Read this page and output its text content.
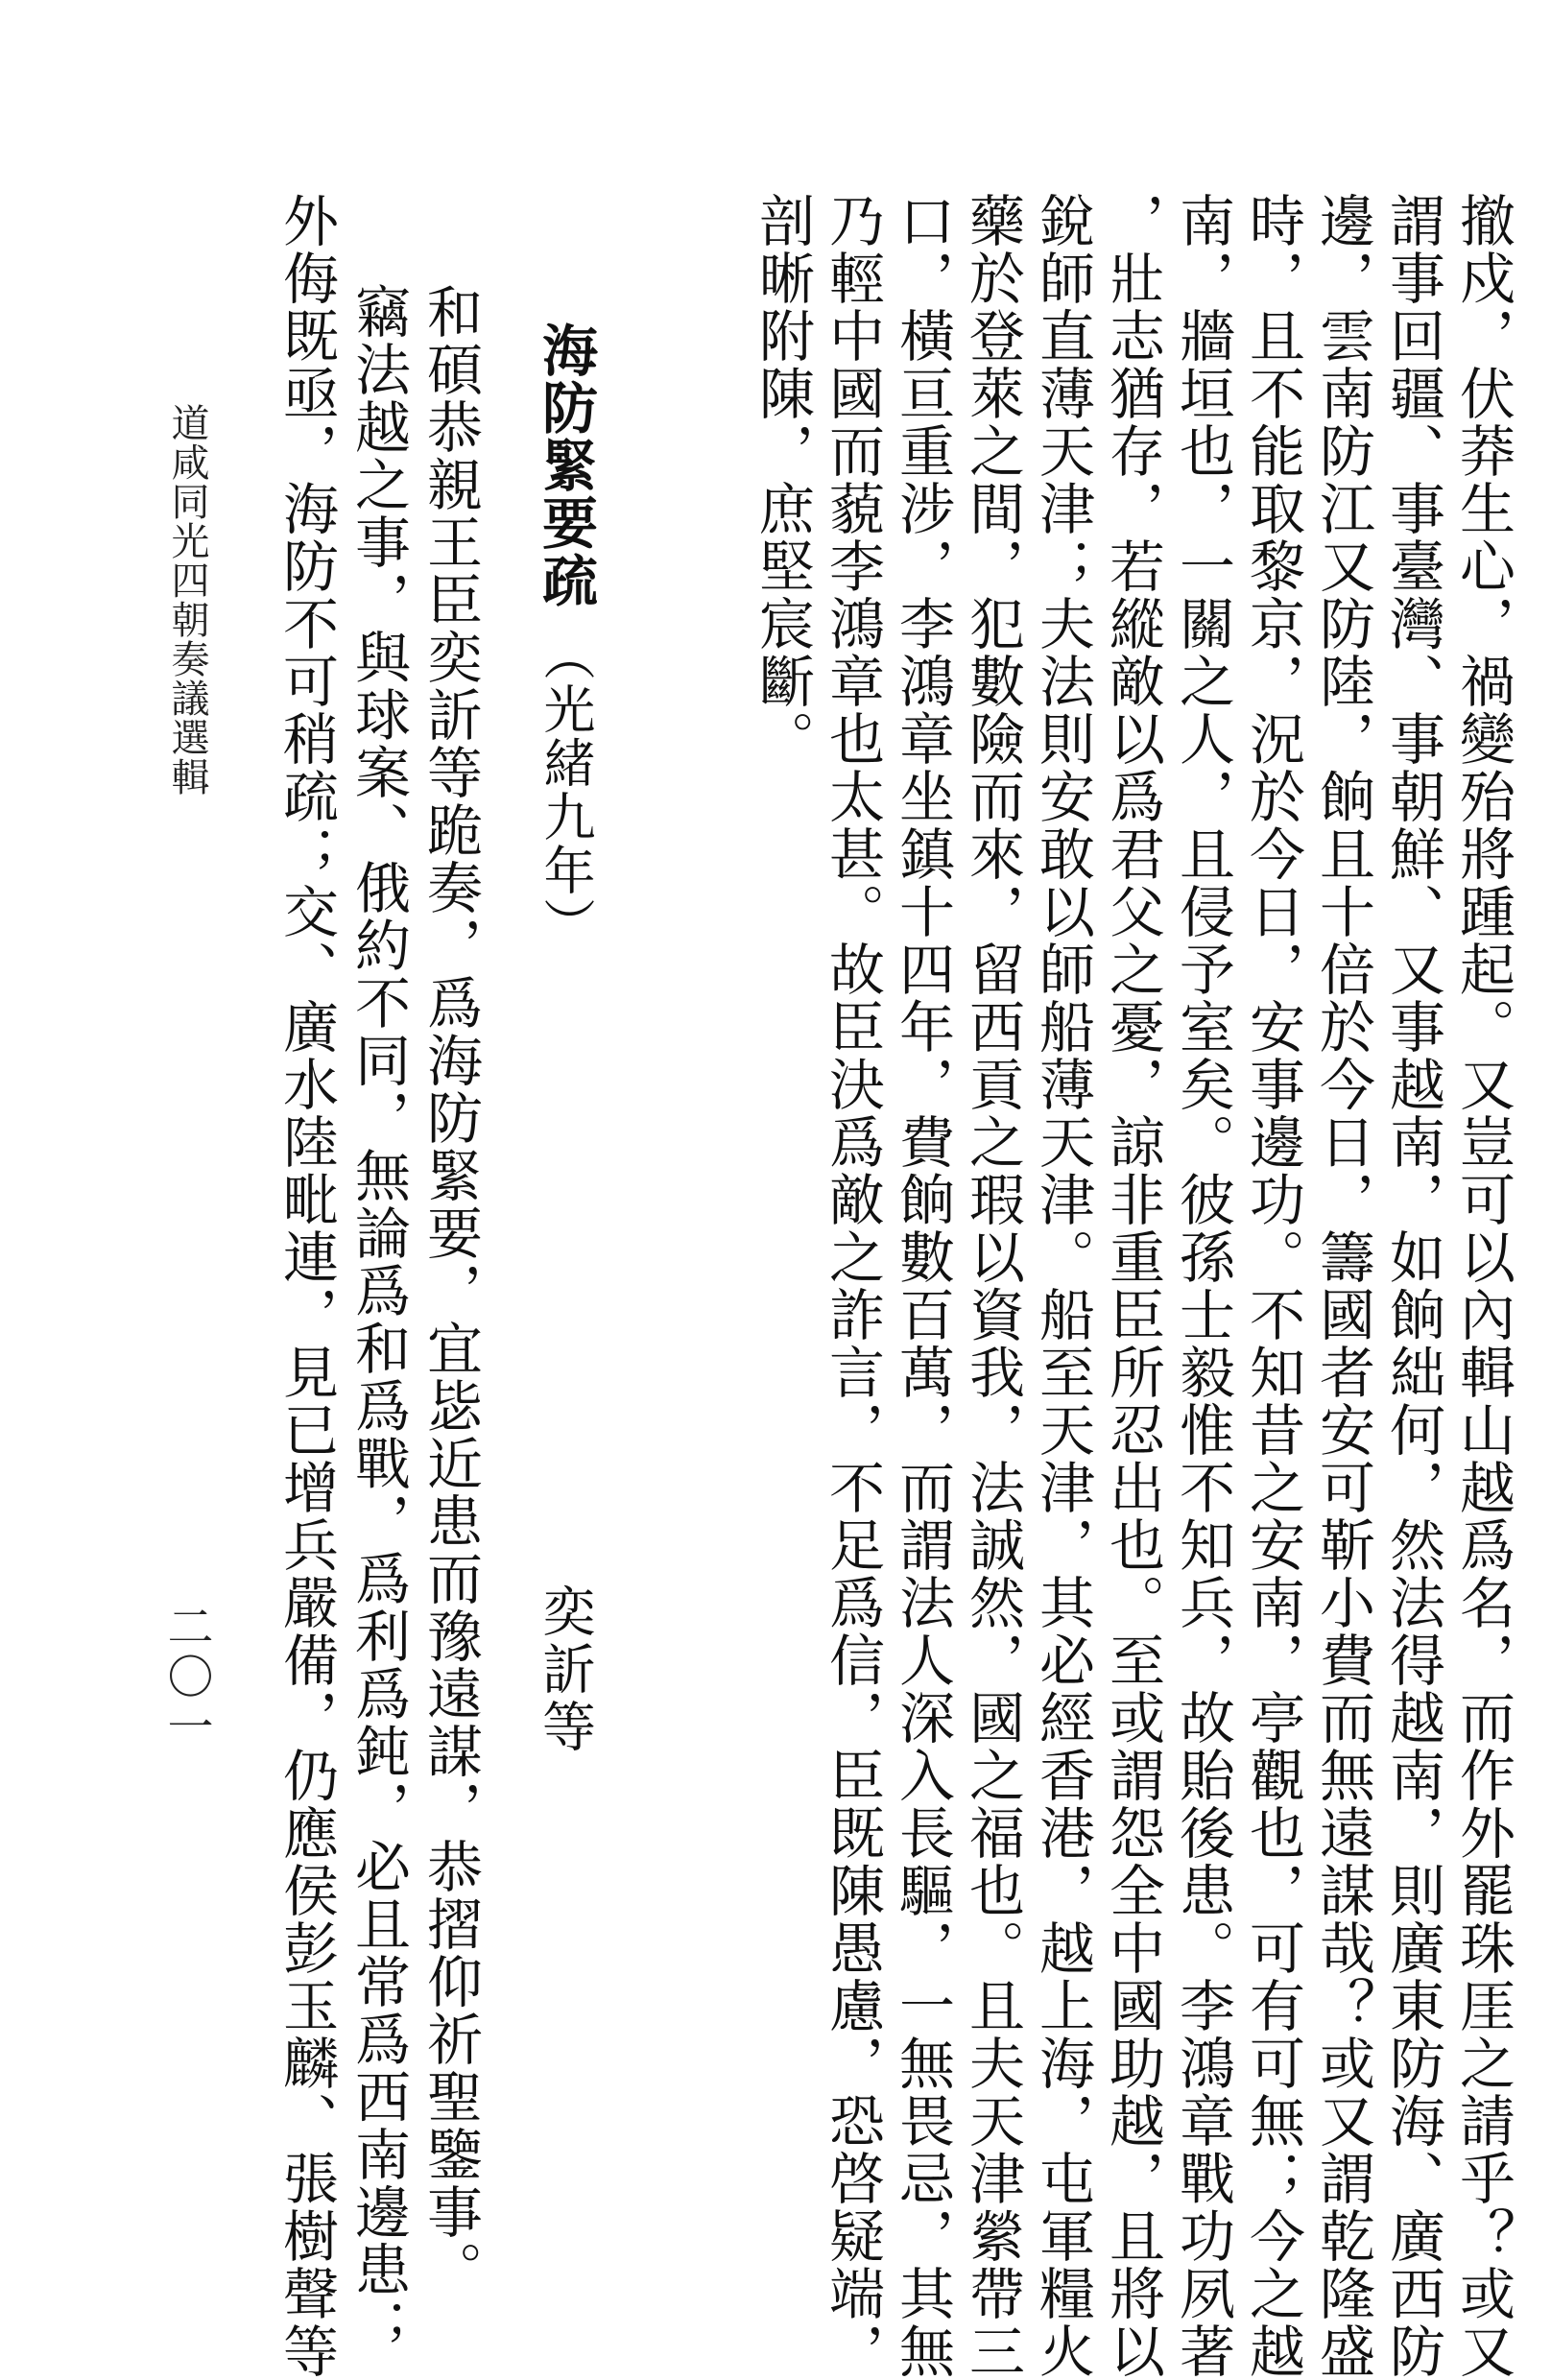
撤戍，伏莽生心，禍變殆將踵起。又豈可以內輯山越爲名，而作外罷珠厓之請乎？或又
謂事回疆、事臺灣、事朝鮮、又事越南，如餉絀何，然法得越南，則廣東防海、廣西防
邊，雲南防江又防陸，餉且十倍於今日，籌國者安可靳小費而無遠謀哉？或又謂乾隆盛
時，且不能取黎京，況於今日，安事邊功。不知昔之安南，亭觀也，可有可無；今之越
南，牆垣也，一關之人，且侵予室矣。彼孫士毅惟不知兵，故貽後患。李鴻章戰功夙著
，壯志猶存，若縱敵以爲君父之憂，諒非重臣所忍出也。至或謂怨全中國助越，且將以
銳師直薄天津；夫法則安敢以師船薄天津。船至天津，其必經香港，越上海，屯軍糧火
藥於登萊之間，犯數險而來，留西貢之瑕以資我，法誠然，國之福也。且夫天津縈帶三
口，橫亘重涉，李鴻章坐鎮十四年，費餉數百萬，而謂法人深入長驅，一無畏忌，其無
乃輕中國而藐李鴻章也太甚。故臣決爲敵之詐言，不足爲信，臣既陳愚慮，恐啓疑端，
剖晰附陳，庶堅宸斷。
海防緊要疏（光緒九年）
奕訢等
和碩恭親王臣奕訢等跪奏，爲海防緊要，宜毖近患而豫遠謀，恭摺仰祈聖鑒事。
竊法越之事，與球案、俄約不同，無論爲和爲戰，爲利爲鈍，必且常爲西南邊患；
外侮既亟，海防不可稍疏；交、廣水陸毗連，見已增兵嚴備，仍應侯彭玉麟、張樹聲等
道咸同光四朝奏議選輯
二〇一
